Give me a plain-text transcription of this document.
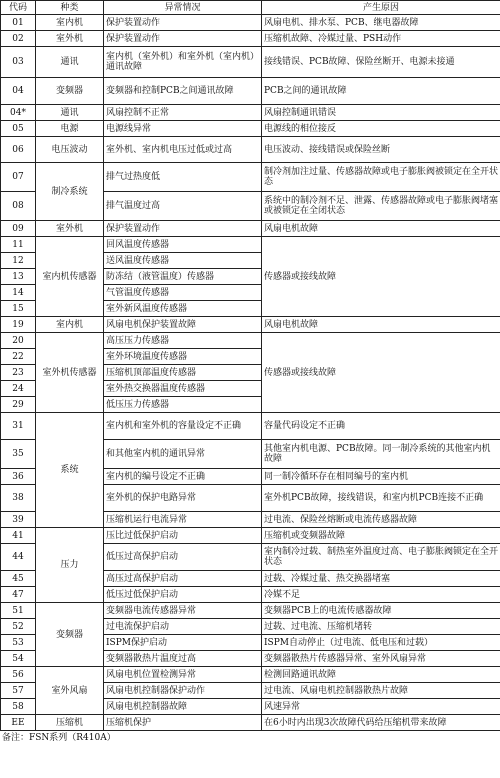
代码	种类	异常情况	产生原因
01	室内机	保护装置动作	风扇电机、排水泵、PCB、继电器故障
02	室外机	保护装置动作	压缩机故障、冷媒过量、PSH动作
03	通讯	室内机（室外机）和室外机（室内机）通讯故障	接线错误、PCB故障、保险丝断开、电源未接通
04	变频器	变频器和控制PCB之间通讯故障	PCB之间的通讯故障
04*	通讯	风扇控制不正常	风扇控制通讯错误
05	电源	电源线异常	电源线的相位接反
06	电压波动	室外机、室内机电压过低或过高	电压波动、接线错误或保险丝断
07	制冷系统	排气过热度低	制冷剂加注过量、传感器故障或电子膨胀阀被锁定在全开状态
08		排气温度过高	系统中的制冷剂不足、泄露、传感器故障或电子膨胀阀堵塞或被锁定在全闭状态
09	室外机	保护装置动作	风扇电机故障
11	室内机传感器	回风温度传感器	传感器或接线故障
12		送风温度传感器	
13		防冻结（液管温度）传感器	
14		气管温度传感器	
15		室外新风温度传感器	
19	室内机	风扇电机保护装置故障	风扇电机故障
20	室外机传感器	高压压力传感器	传感器或接线故障
22		室外环境温度传感器	
23		压缩机顶部温度传感器	
24		室外热交换器温度传感器	
29		低压压力传感器	
31	系统	室内机和室外机的容量设定不正确	容量代码设定不正确
35		和其他室内机的通讯异常	其他室内机电源、PCB故障。同一制冷系统的其他室内机故障
36		室内机的编号设定不正确	同一制冷循环存在相同编号的室内机
38		室外机的保护电路异常	室外机PCB故障，接线错误，和室内机PCB连接不正确
39		压缩机运行电流异常	过电流、保险丝熔断或电流传感器故障
41	压力	压比过低保护启动	压缩机或变频器故障
44		低压过高保护启动	室内制冷过载、制热室外温度过高、电子膨胀阀锁定在全开状态
45		高压过高保护启动	过载、冷媒过量、热交换器堵塞
47		低压过低保护启动	冷媒不足
51	变频器	变频器电流传感器异常	变频器PCB上的电流传感器故障
52		过电流保护启动	过载、过电流、压缩机堵转
53		ISPM保护启动	ISPM自动停止（过电流、低电压和过载）
54		变频器散热片温度过高	变频器散热片传感器异常、室外风扇异常
56	室外风扇	风扇电机位置检测异常	检测回路通讯故障
57		风扇电机控制器保护动作	过电流、风扇电机控制器散热片故障
58		风扇电机控制器故障	风速异常
EE	压缩机	压缩机保护	在6小时内出现3次故障代码给压缩机带来故障
备注：FSN系列（R410A）
